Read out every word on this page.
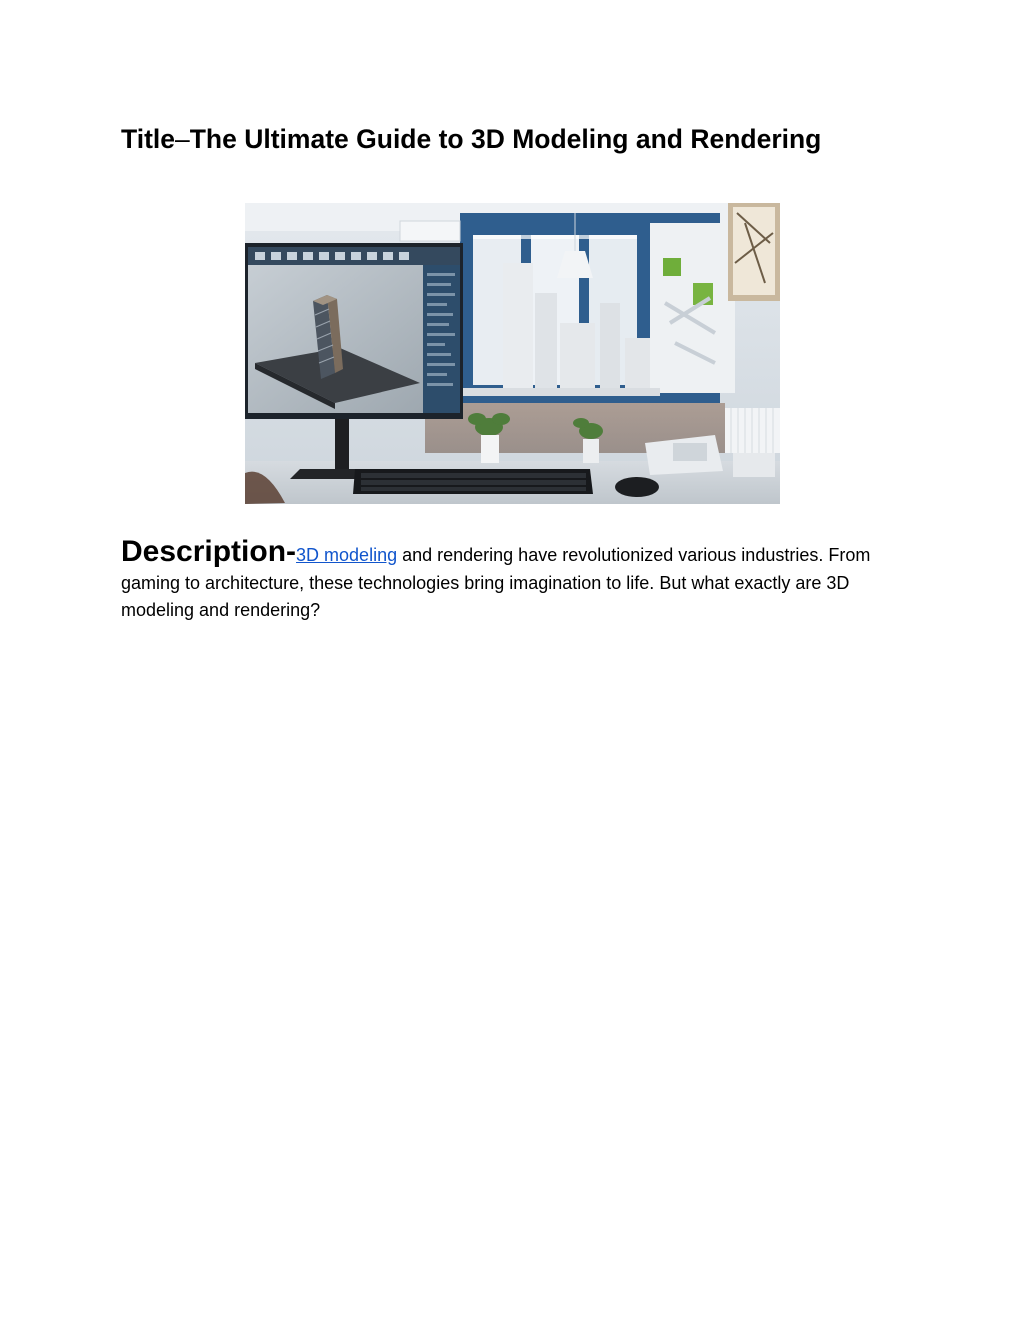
Title–The Ultimate Guide to 3D Modeling and Rendering

Description-3D modeling and rendering have revolutionized various industries. From gaming to architecture, these technologies bring imagination to life. But what exactly are 3D modeling and rendering?
